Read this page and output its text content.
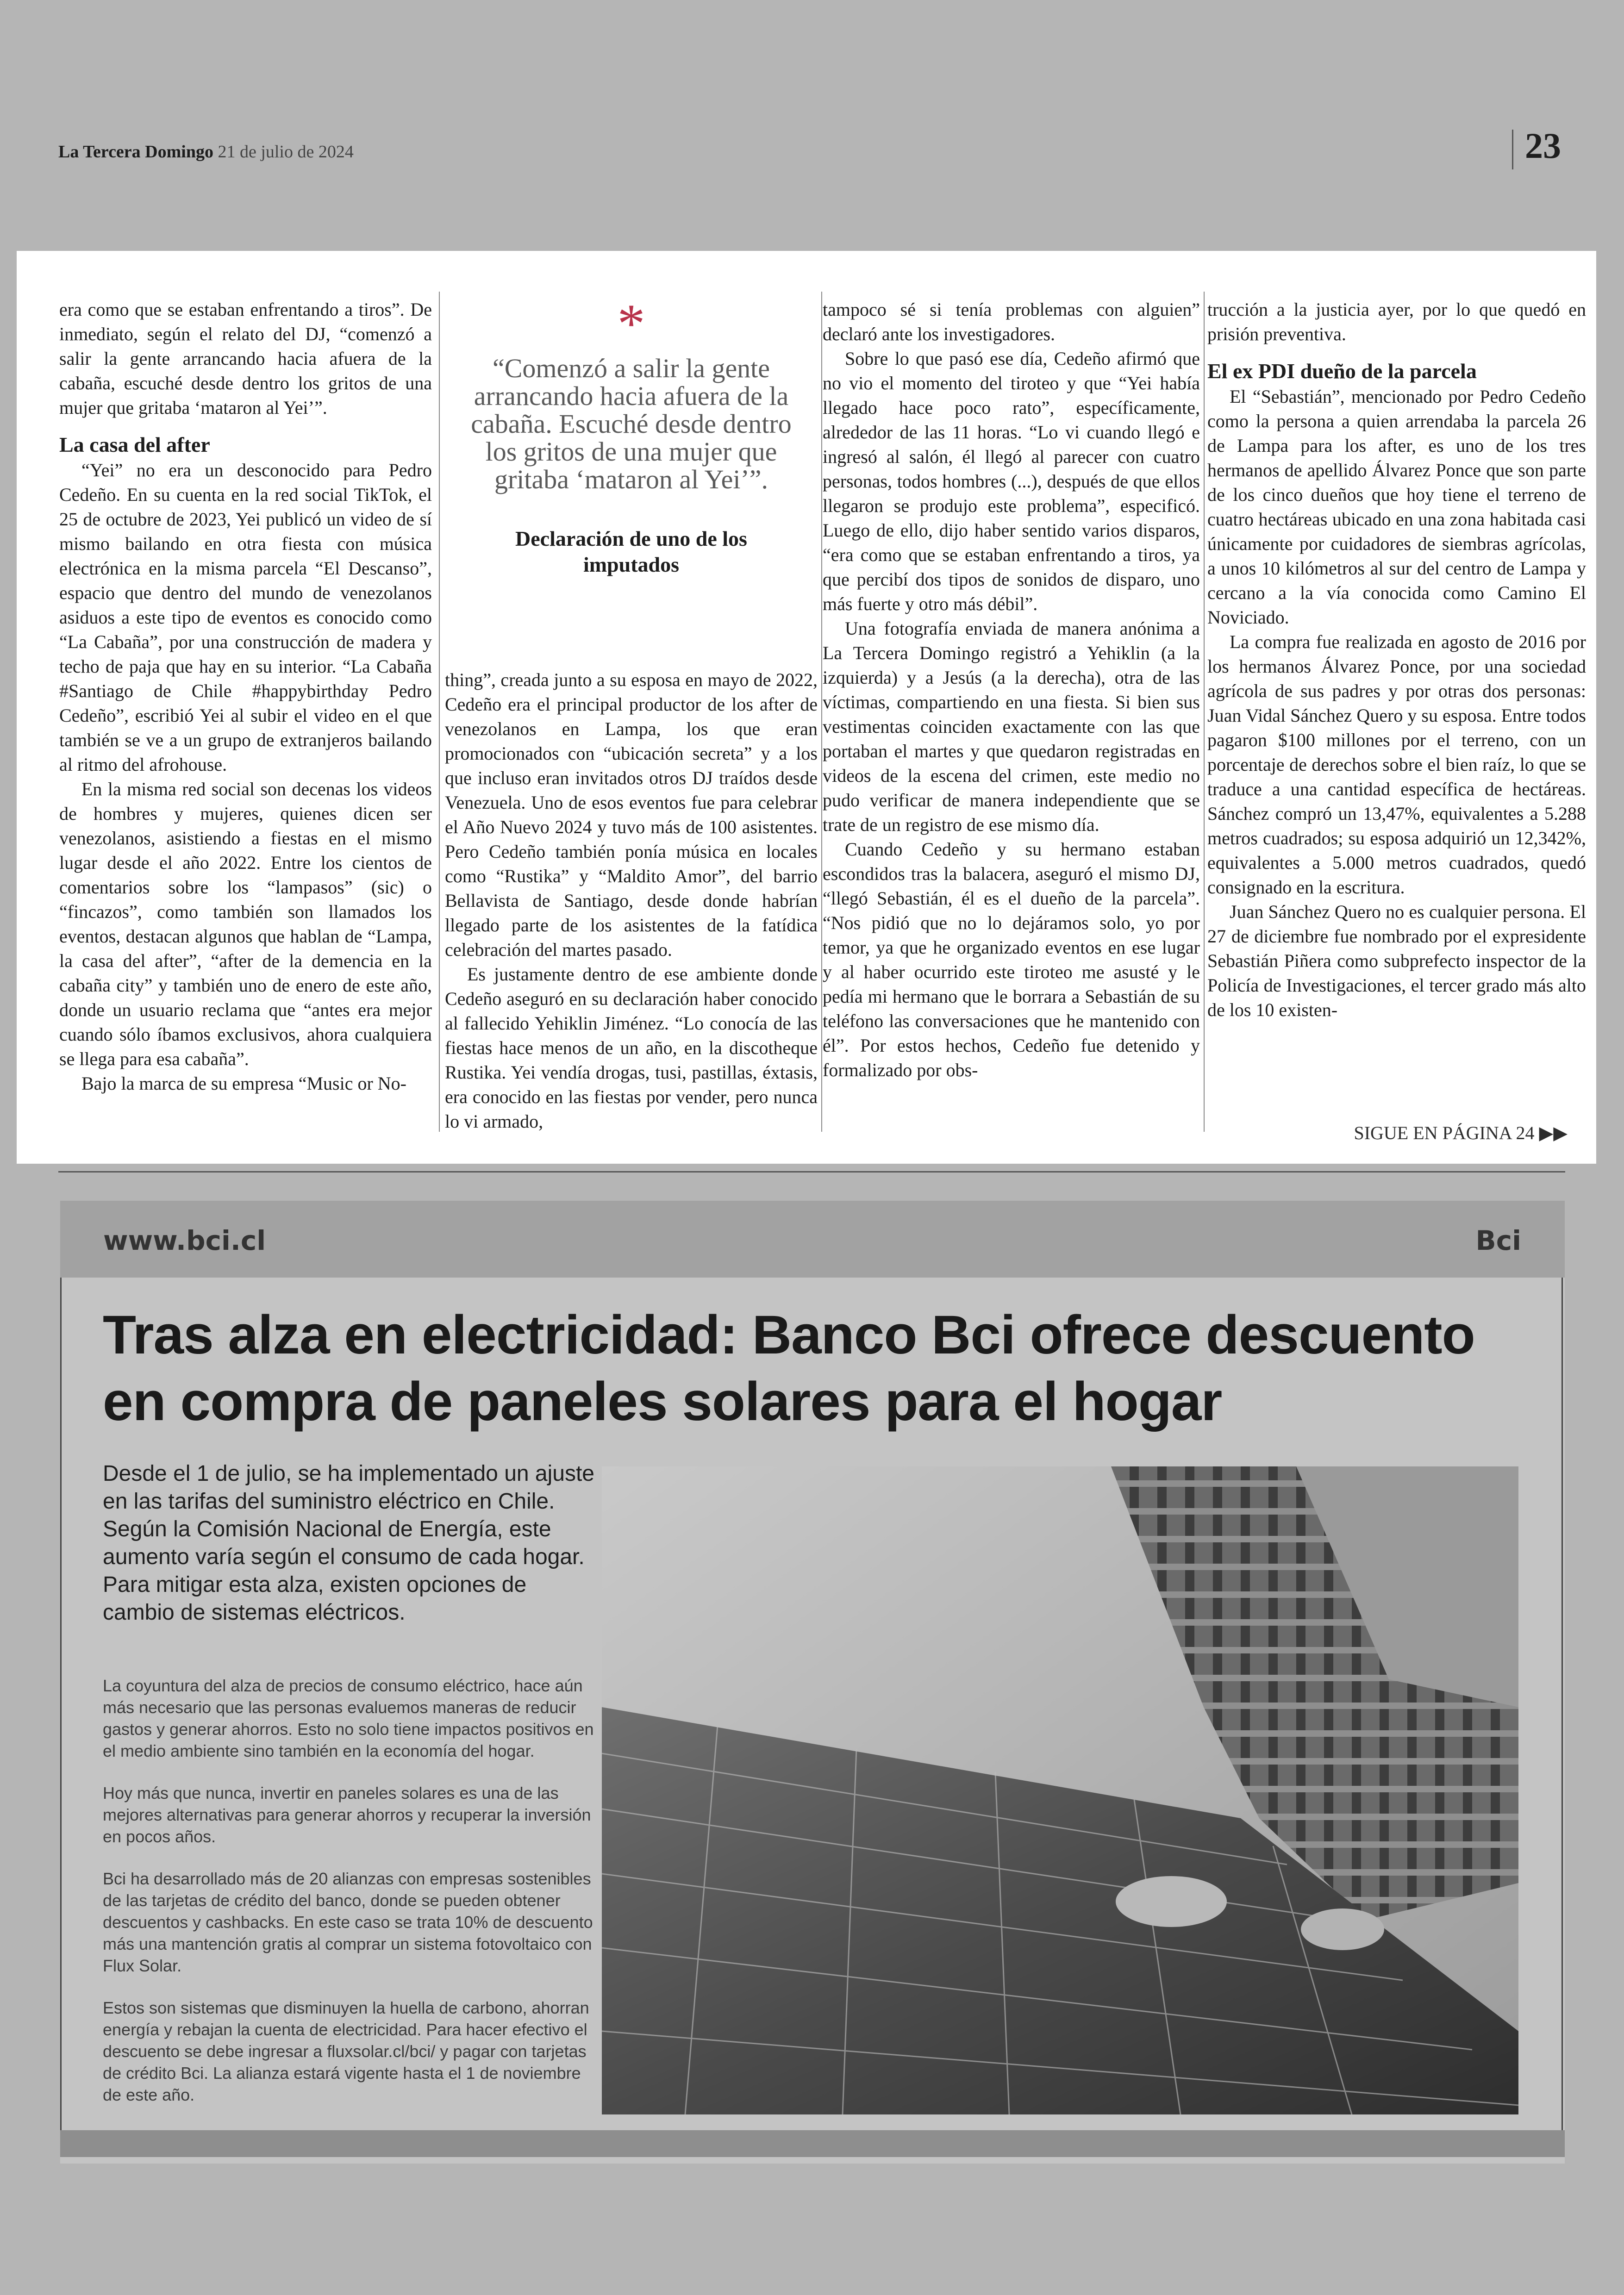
La Tercera Domingo 21 de julio de 2024	23

era como que se estaban enfrentando a tiros”. De inmediato, según el relato del DJ, “comenzó a salir la gente arrancando hacia afuera de la cabaña, escuché desde dentro los gritos de una mujer que gritaba ‘mataron al Yei’”.

La casa del after

“Yei” no era un desconocido para Pedro Cedeño. En su cuenta en la red social TikTok, el 25 de octubre de 2023, Yei publicó un video de sí mismo bailando en otra fiesta con música electrónica en la misma parcela “El Descanso”, espacio que dentro del mundo de venezolanos asiduos a este tipo de eventos es conocido como “La Cabaña”, por una construcción de madera y techo de paja que hay en su interior. “La Cabaña #Santiago de Chile #happybirthday Pedro Cedeño”, escribió Yei al subir el video en el que también se ve a un grupo de extranjeros bailando al ritmo del afrohouse.

En la misma red social son decenas los videos de hombres y mujeres, quienes dicen ser venezolanos, asistiendo a fiestas en el mismo lugar desde el año 2022. Entre los cientos de comentarios sobre los “lampasos” (sic) o “fincazos”, como también son llamados los eventos, destacan algunos que hablan de “Lampa, la casa del after”, “after de la demencia en la cabaña city” y también uno de enero de este año, donde un usuario reclama que “antes era mejor cuando sólo íbamos exclusivos, ahora cualquiera se llega para esa cabaña”.

Bajo la marca de su empresa “Music or No-

*
“Comenzó a salir la gente arrancando hacia afuera de la cabaña. Escuché desde dentro los gritos de una mujer que gritaba ‘mataron al Yei’”.
Declaración de uno de los imputados

thing”, creada junto a su esposa en mayo de 2022, Cedeño era el principal productor de los after de venezolanos en Lampa, los que eran promocionados con “ubicación secreta” y a los que incluso eran invitados otros DJ traídos desde Venezuela. Uno de esos eventos fue para celebrar el Año Nuevo 2024 y tuvo más de 100 asistentes. Pero Cedeño también ponía música en locales como “Rustika” y “Maldito Amor”, del barrio Bellavista de Santiago, desde donde habrían llegado parte de los asistentes de la fatídica celebración del martes pasado.

Es justamente dentro de ese ambiente donde Cedeño aseguró en su declaración haber conocido al fallecido Yehiklin Jiménez. “Lo conocía de las fiestas hace menos de un año, en la discotheque Rustika. Yei vendía drogas, tusi, pastillas, éxtasis, era conocido en las fiestas por vender, pero nunca lo vi armado,

tampoco sé si tenía problemas con alguien” declaró ante los investigadores.

Sobre lo que pasó ese día, Cedeño afirmó que no vio el momento del tiroteo y que “Yei había llegado hace poco rato”, específicamente, alrededor de las 11 horas. “Lo vi cuando llegó e ingresó al salón, él llegó al parecer con cuatro personas, todos hombres (...), después de que ellos llegaron se produjo este problema”, especificó. Luego de ello, dijo haber sentido varios disparos, “era como que se estaban enfrentando a tiros, ya que percibí dos tipos de sonidos de disparo, uno más fuerte y otro más débil”.

Una fotografía enviada de manera anónima a La Tercera Domingo registró a Yehiklin (a la izquierda) y a Jesús (a la derecha), otra de las víctimas, compartiendo en una fiesta. Si bien sus vestimentas coinciden exactamente con las que portaban el martes y que quedaron registradas en videos de la escena del crimen, este medio no pudo verificar de manera independiente que se trate de un registro de ese mismo día.

Cuando Cedeño y su hermano estaban escondidos tras la balacera, aseguró el mismo DJ, “llegó Sebastián, él es el dueño de la parcela”. “Nos pidió que no lo dejáramos solo, yo por temor, ya que he organizado eventos en ese lugar y al haber ocurrido este tiroteo me asusté y le pedía mi hermano que le borrara a Sebastián de su teléfono las conversaciones que he mantenido con él”. Por estos hechos, Cedeño fue detenido y formalizado por obs-

trucción a la justicia ayer, por lo que quedó en prisión preventiva.

El ex PDI dueño de la parcela

El “Sebastián”, mencionado por Pedro Cedeño como la persona a quien arrendaba la parcela 26 de Lampa para los after, es uno de los tres hermanos de apellido Álvarez Ponce que son parte de los cinco dueños que hoy tiene el terreno de cuatro hectáreas ubicado en una zona habitada casi únicamente por cuidadores de siembras agrícolas, a unos 10 kilómetros al sur del centro de Lampa y cercano a la vía conocida como Camino El Noviciado.

La compra fue realizada en agosto de 2016 por los hermanos Álvarez Ponce, por una sociedad agrícola de sus padres y por otras dos personas: Juan Vidal Sánchez Quero y su esposa. Entre todos pagaron $100 millones por el terreno, con un porcentaje de derechos sobre el bien raíz, lo que se traduce a una cantidad específica de hectáreas. Sánchez compró un 13,47%, equivalentes a 5.288 metros cuadrados; su esposa adquirió un 12,342%, equivalentes a 5.000 metros cuadrados, quedó consignado en la escritura.

Juan Sánchez Quero no es cualquier persona. El 27 de diciembre fue nombrado por el expresidente Sebastián Piñera como subprefecto inspector de la Policía de Investigaciones, el tercer grado más alto de los 10 existen-

SIGUE EN PÁGINA 24 ▶▶
www.bci.cl	Bci
Tras alza en electricidad: Banco Bci ofrece descuento en compra de paneles solares para el hogar
Desde el 1 de julio, se ha implementado un ajuste en las tarifas del suministro eléctrico en Chile. Según la Comisión Nacional de Energía, este aumento varía según el consumo de cada hogar. Para mitigar esta alza, existen opciones de cambio de sistemas eléctricos.

La coyuntura del alza de precios de consumo eléctrico, hace aún más necesario que las personas evaluemos maneras de reducir gastos y generar ahorros. Esto no solo tiene impactos positivos en el medio ambiente sino también en la economía del hogar.

Hoy más que nunca, invertir en paneles solares es una de las mejores alternativas para generar ahorros y recuperar la inversión en pocos años.

Bci ha desarrollado más de 20 alianzas con empresas sostenibles de las tarjetas de crédito del banco, donde se pueden obtener descuentos y cashbacks. En este caso se trata 10% de descuento más una mantención gratis al comprar un sistema fotovoltaico con Flux Solar.

Estos son sistemas que disminuyen la huella de carbono, ahorran energía y rebajan la cuenta de electricidad. Para hacer efectivo el descuento se debe ingresar a fluxsolar.cl/bci/ y pagar con tarjetas de crédito Bci. La alianza estará vigente hasta el 1 de noviembre de este año.
